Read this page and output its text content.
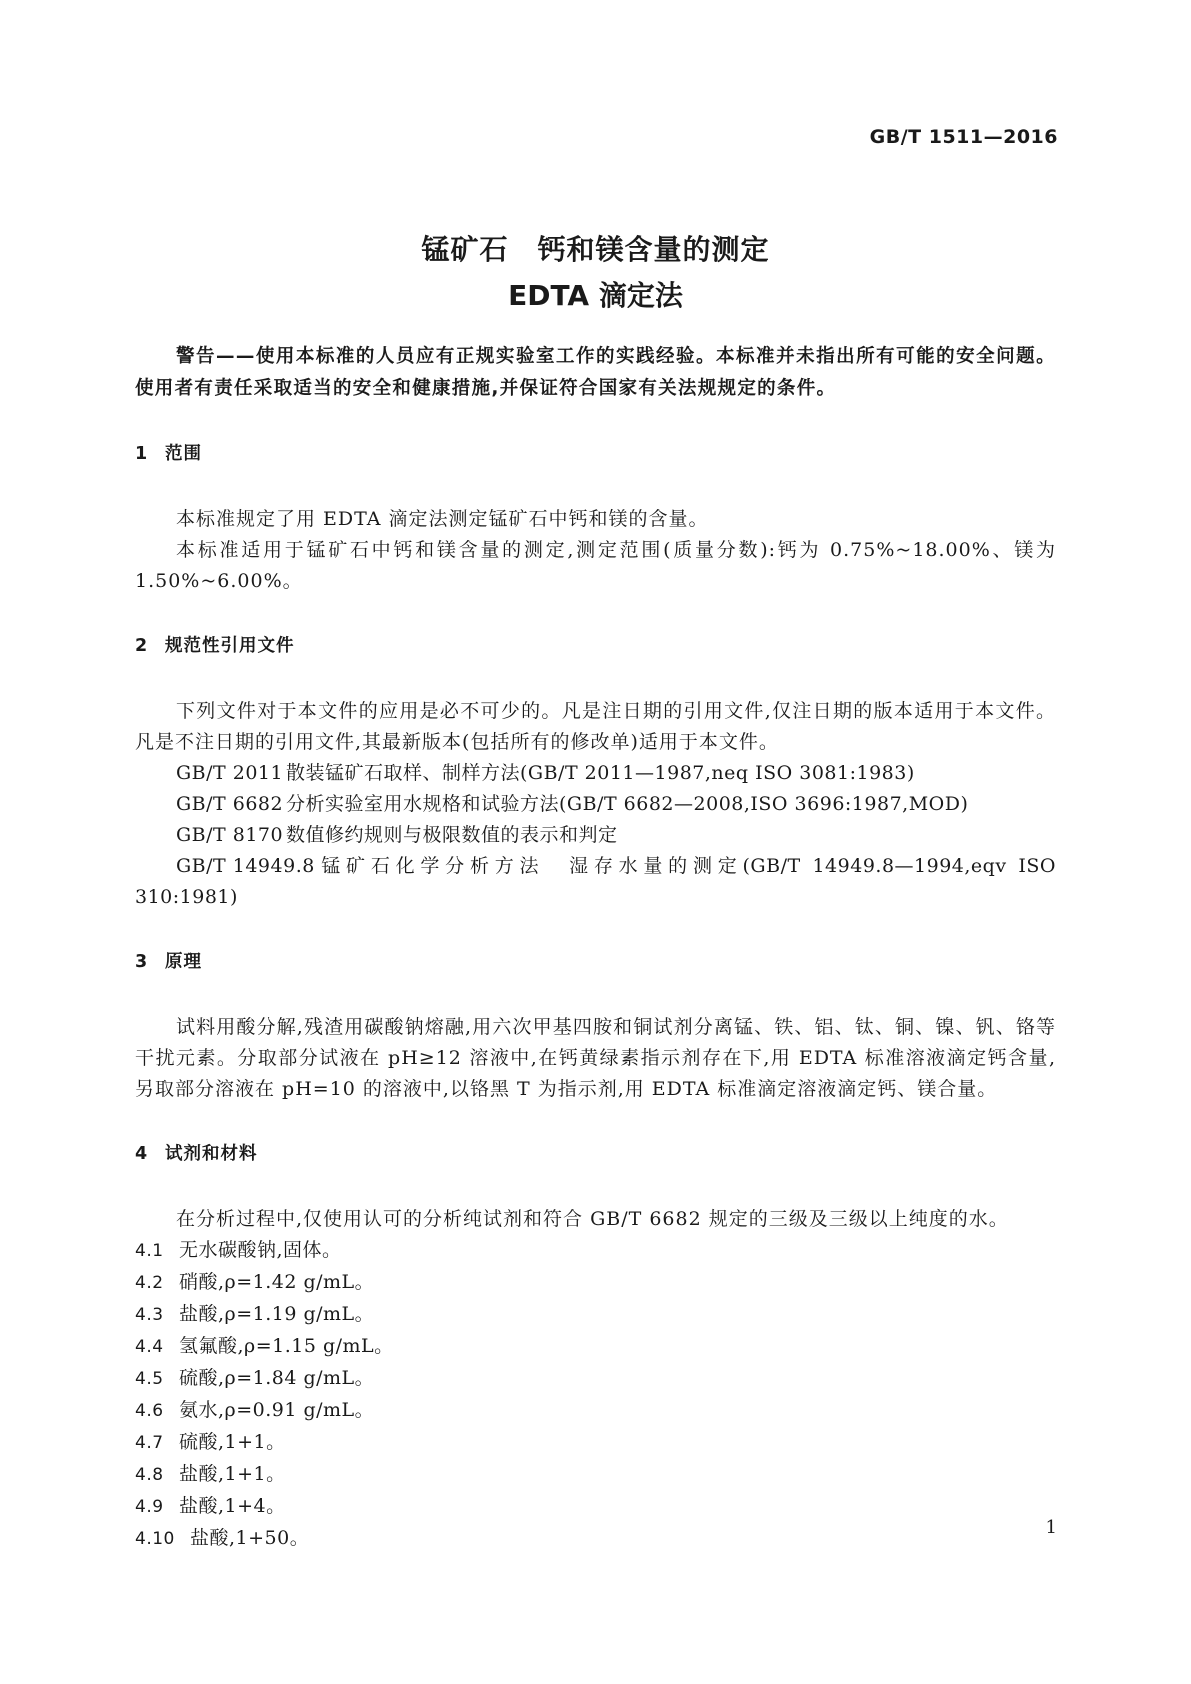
GB/T 1511—2016
锰矿石　钙和镁含量的测定
EDTA 滴定法
警告——使用本标准的人员应有正规实验室工作的实践经验。本标准并未指出所有可能的安全问题。使用者有责任采取适当的安全和健康措施,并保证符合国家有关法规规定的条件。
1 范围

本标准规定了用 EDTA 滴定法测定锰矿石中钙和镁的含量。

本标准适用于锰矿石中钙和镁含量的测定,测定范围(质量分数):钙为 0.75%~18.00%、镁为 1.50%~6.00%。

2 规范性引用文件

下列文件对于本文件的应用是必不可少的。凡是注日期的引用文件,仅注日期的版本适用于本文件。凡是不注日期的引用文件,其最新版本(包括所有的修改单)适用于本文件。

GB/T 2011 散装锰矿石取样、制样方法(GB/T 2011—1987,neq ISO 3081:1983)
GB/T 6682 分析实验室用水规格和试验方法(GB/T 6682—2008,ISO 3696:1987,MOD)
GB/T 8170 数值修约规则与极限数值的表示和判定
GB/T 14949.8锰矿石化学分析方法　湿存水量的测定(GB/T 14949.8—1994,eqv ISO 310:1981)
3 原理

试料用酸分解,残渣用碳酸钠熔融,用六次甲基四胺和铜试剂分离锰、铁、铝、钛、铜、镍、钒、铬等干扰元素。分取部分试液在 pH≥12 溶液中,在钙黄绿素指示剂存在下,用 EDTA 标准溶液滴定钙含量,另取部分溶液在 pH=10 的溶液中,以铬黑 T 为指示剂,用 EDTA 标准滴定溶液滴定钙、镁合量。

4 试剂和材料

在分析过程中,仅使用认可的分析纯试剂和符合 GB/T 6682 规定的三级及三级以上纯度的水。

4.1 无水碳酸钠,固体。
4.2 硝酸,ρ=1.42 g/mL。
4.3 盐酸,ρ=1.19 g/mL。
4.4 氢氟酸,ρ=1.15 g/mL。
4.5 硫酸,ρ=1.84 g/mL。
4.6 氨水,ρ=0.91 g/mL。
4.7 硫酸,1+1。
4.8 盐酸,1+1。
4.9 盐酸,1+4。
4.10 盐酸,1+50。	1
